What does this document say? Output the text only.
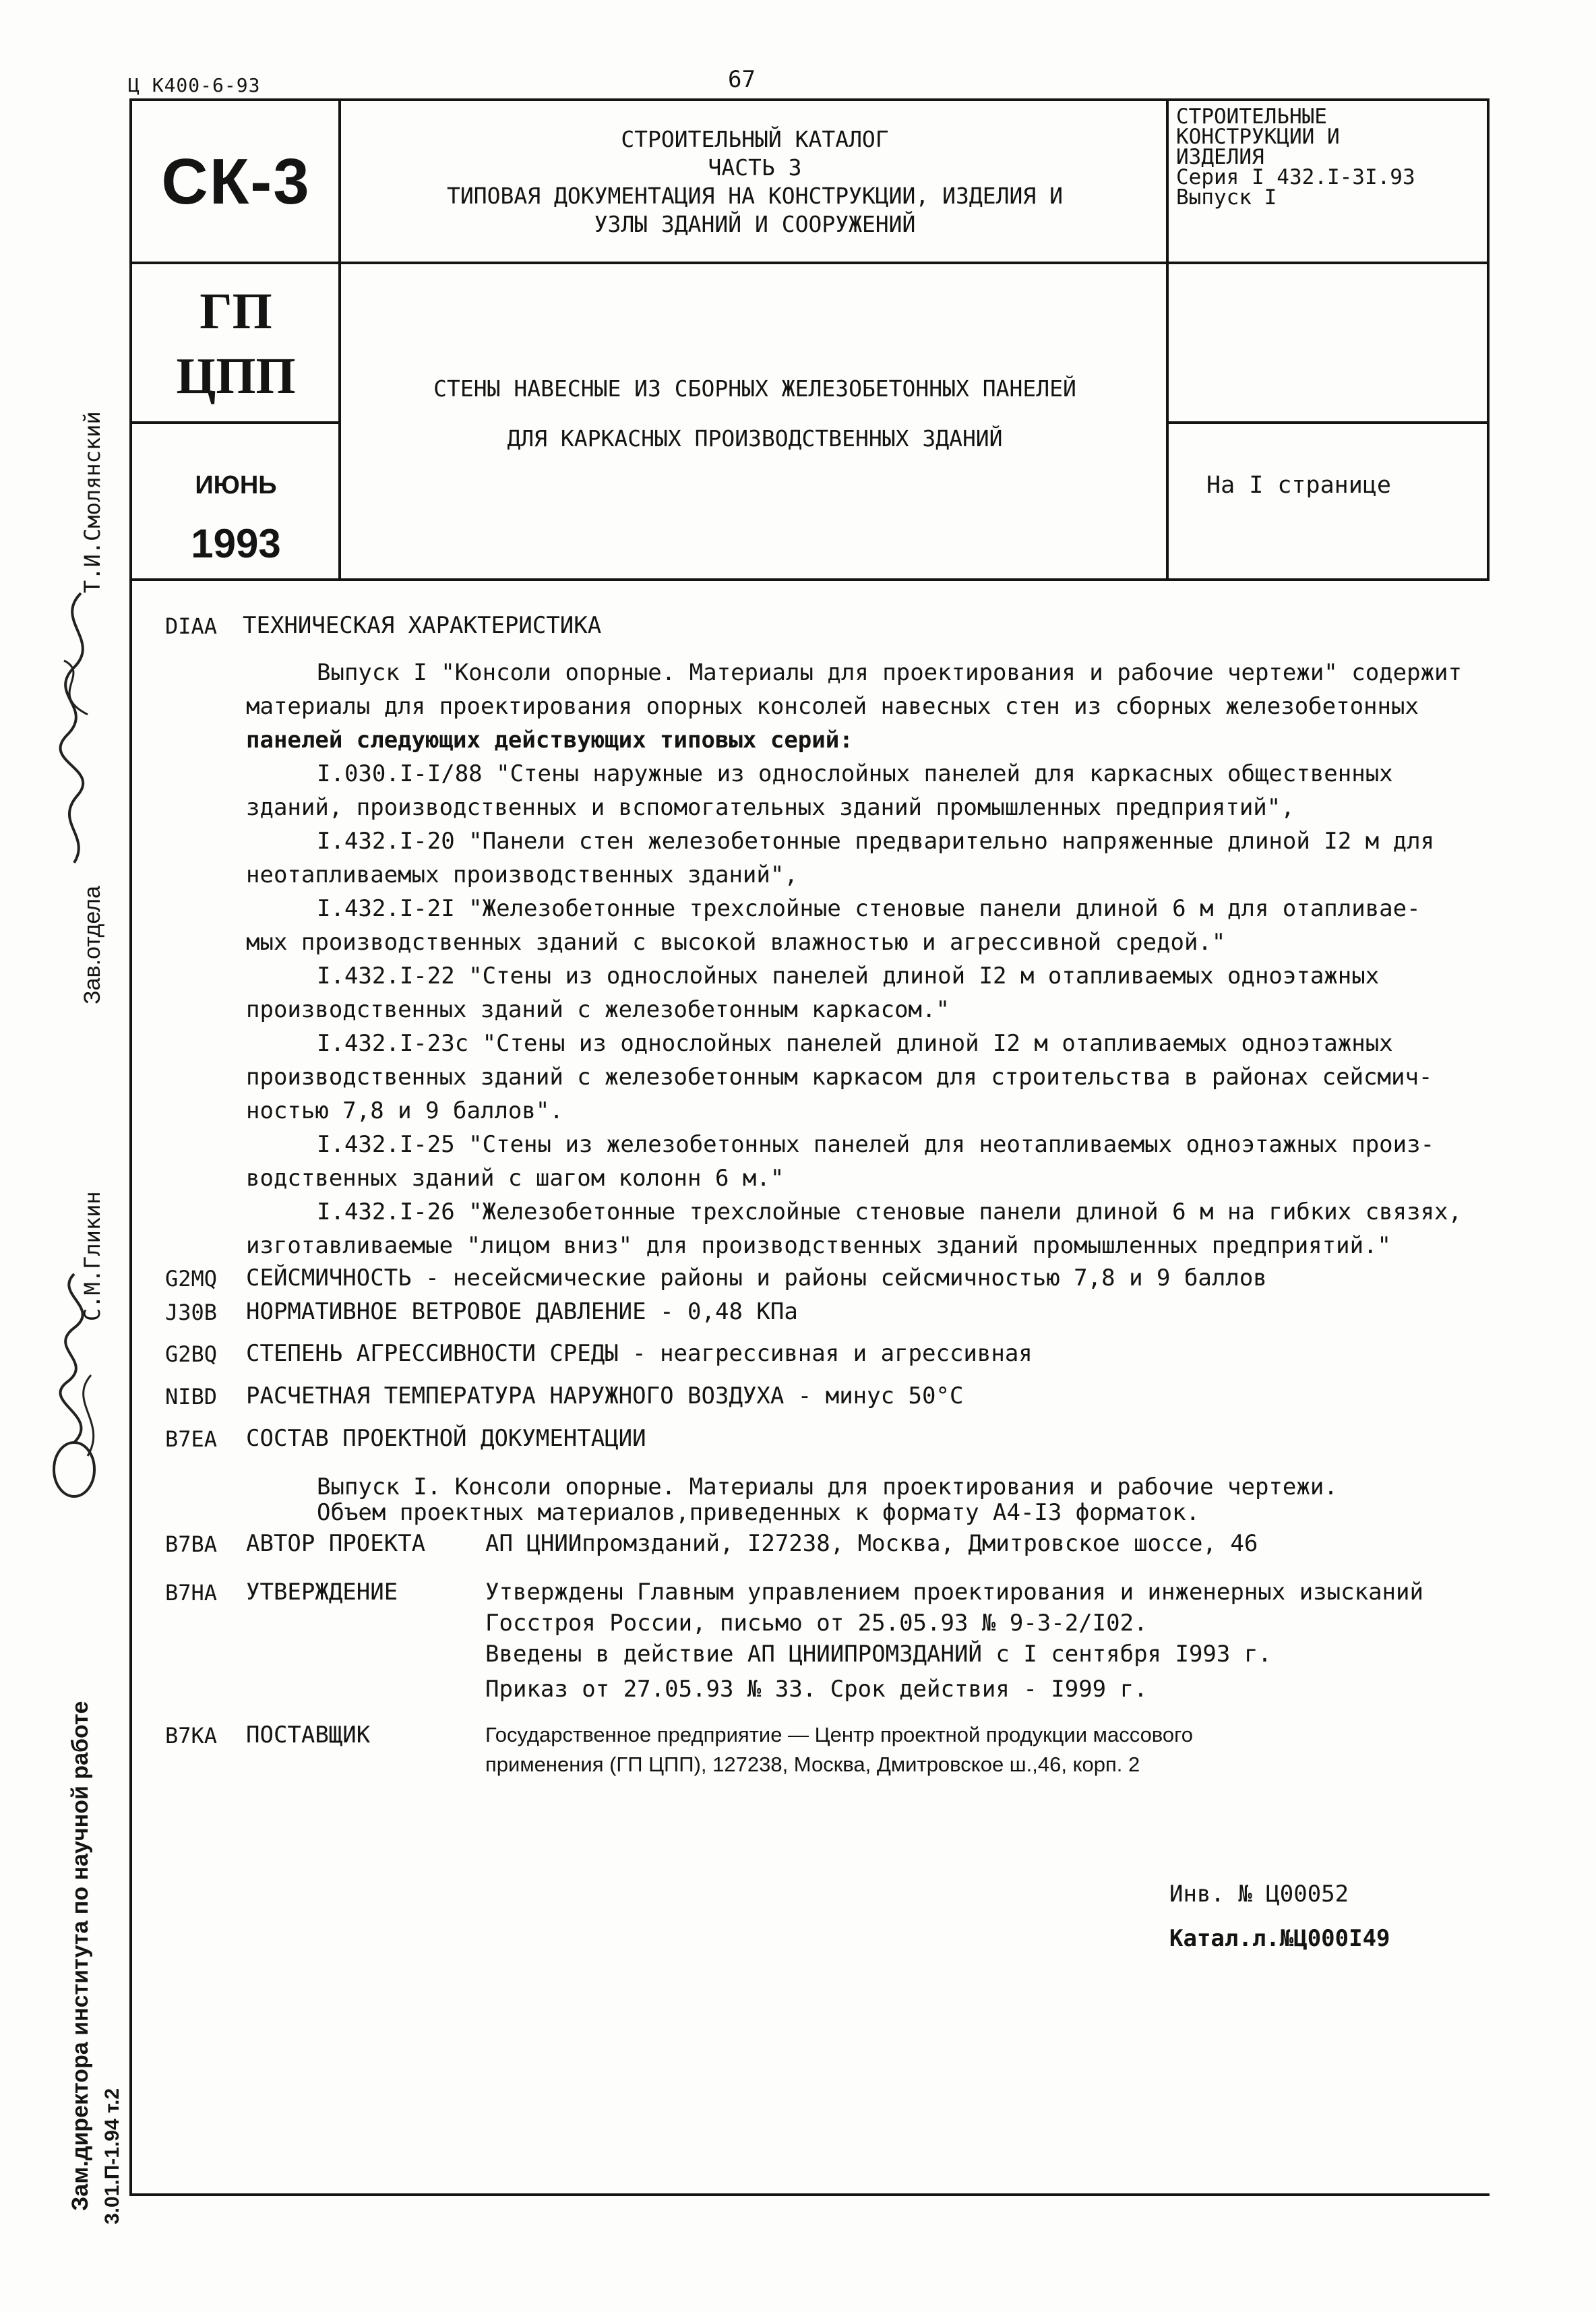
Ц К400-6-93	67
СК-3
СТРОИТЕЛЬНЫЙ КАТАЛОГ
ЧАСТЬ 3
ТИПОВАЯ ДОКУМЕНТАЦИЯ НА КОНСТРУКЦИИ, ИЗДЕЛИЯ И
УЗЛЫ ЗДАНИЙ И СООРУЖЕНИЙ
СТРОИТЕЛЬНЫЕ
КОНСТРУКЦИИ И
ИЗДЕЛИЯ
Серия I 432.I-3I.93
Выпуск I
ГП
ЦПП	СТЕНЫ НАВЕСНЫЕ ИЗ СБОРНЫХ ЖЕЛЕЗОБЕТОННЫХ ПАНЕЛЕЙ
ДЛЯ КАРКАСНЫХ ПРОИЗВОДСТВЕННЫХ ЗДАНИЙ
ИЮНЬ
1993
На I странице
DIAA ТЕХНИЧЕСКАЯ ХАРАКТЕРИСТИКА
Выпуск I "Консоли опорные. Материалы для проектирования и рабочие чертежи" содержит
материалы для проектирования опорных консолей навесных стен из сборных железобетонных
панелей следующих действующих типовых серий:
I.030.I-I/88 "Стены наружные из однослойных панелей для каркасных общественных
зданий, производственных и вспомогательных зданий промышленных предприятий",
I.432.I-20 "Панели стен железобетонные предварительно напряженные длиной I2 м для
неотапливаемых производственных зданий",
I.432.I-2I "Железобетонные трехслойные стеновые панели длиной 6 м для отапливае-
мых производственных зданий с высокой влажностью и агрессивной средой."
I.432.I-22 "Стены из однослойных панелей длиной I2 м отапливаемых одноэтажных
производственных зданий с железобетонным каркасом."
I.432.I-23с "Стены из однослойных панелей длиной I2 м отапливаемых одноэтажных
производственных зданий с железобетонным каркасом для строительства в районах сейсмич-
ностью 7,8 и 9 баллов".
I.432.I-25 "Стены из железобетонных панелей для неотапливаемых одноэтажных произ-
водственных зданий с шагом колонн 6 м."
I.432.I-26 "Железобетонные трехслойные стеновые панели длиной 6 м на гибких связях,
изготавливаемые "лицом вниз" для производственных зданий промышленных предприятий."
G2MQ СЕЙСМИЧНОСТЬ - несейсмические районы и районы сейсмичностью 7,8 и 9 баллов
J30B НОРМАТИВНОЕ ВЕТРОВОЕ ДАВЛЕНИЕ - 0,48 КПа
G2BQ СТЕПЕНЬ АГРЕССИВНОСТИ СРЕДЫ - неагрессивная и агрессивная
NIBD РАСЧЕТНАЯ ТЕМПЕРАТУРА НАРУЖНОГО ВОЗДУХА - минус 50°С
B7EA СОСТАВ ПРОЕКТНОЙ ДОКУМЕНТАЦИИ
Выпуск I. Консоли опорные. Материалы для проектирования и рабочие чертежи.
Объем проектных материалов,приведенных к формату А4-I3 форматок.
B7BA АВТОР ПРОЕКТА	АП ЦНИИпромзданий, I27238, Москва, Дмитровское шоссе, 46
B7HA УТВЕРЖДЕНИЕ	Утверждены Главным управлением проектирования и инженерных изысканий
Госстроя России, письмо от 25.05.93 № 9-3-2/I02.
Введены в действие АП ЦНИИПРОМЗДАНИЙ с I сентября I993 г.
Приказ от 27.05.93 № 33. Срок действия - I999 г.
B7KA ПОСТАВЩИК	Государственное предприятие — Центр проектной продукции массового
применения (ГП ЦПП), 127238, Москва, Дмитровское ш.,46, корп. 2
Инв. № Ц00052
Катал.л.№Ц000I49
Зам.директора института по научной работе 3.01.П-1.94 т.2
Зав.отдела
Т.И.Смолянский
С.М.Гликин
